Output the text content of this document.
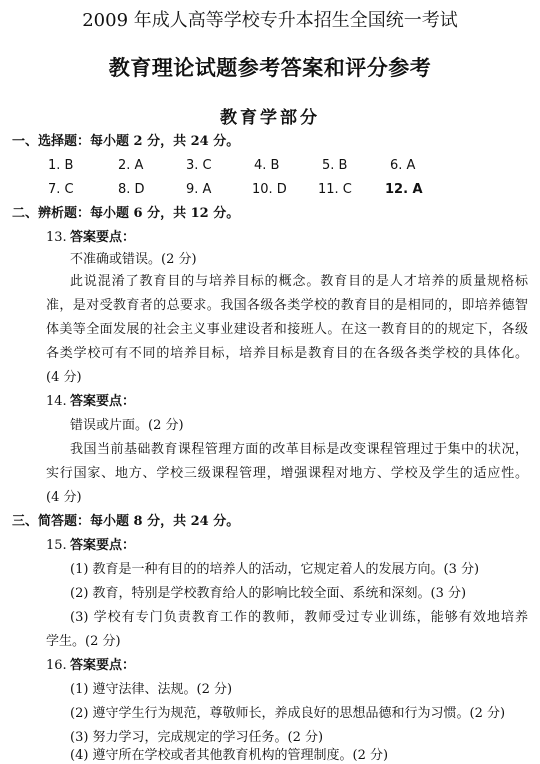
2009 年成人高等学校专升本招生全国统一考试
教育理论试题参考答案和评分参考
教育学部分
一、选择题：每小题 2 分，共 24 分。
1. B	2. A	3. C	4. B	5. B	6. A
7. C	8. D	9. A	10. D 11. C	12. A
二、辨析题：每小题 6 分，共 12 分。
13. 答案要点：
不准确或错误。(2 分)
此说混淆了教育目的与培养目标的概念。教育目的是人才培养的质量规格标
准，是对受教育者的总要求。我国各级各类学校的教育目的是相同的，即培养德智
体美等全面发展的社会主义事业建设者和接班人。在这一教育目的的规定下，各级
各类学校可有不同的培养目标，培养目标是教育目的在各级各类学校的具体化。
(4 分)
14. 答案要点：
错误或片面。(2 分)
我国当前基础教育课程管理方面的改革目标是改变课程管理过于集中的状况，
实行国家、地方、学校三级课程管理，增强课程对地方、学校及学生的适应性。
(4 分)
三、简答题：每小题 8 分，共 24 分。
15. 答案要点：
(1) 教育是一种有目的的培养人的活动，它规定着人的发展方向。(3 分)
(2) 教育，特别是学校教育给人的影响比较全面、系统和深刻。(3 分)
(3) 学校有专门负责教育工作的教师，教师受过专业训练，能够有效地培养
学生。(2 分)
16. 答案要点：
(1) 遵守法律、法规。(2 分)
(2) 遵守学生行为规范，尊敬师长，养成良好的思想品德和行为习惯。(2 分)
(3) 努力学习，完成规定的学习任务。(2 分)
(4) 遵守所在学校或者其他教育机构的管理制度。(2 分)
